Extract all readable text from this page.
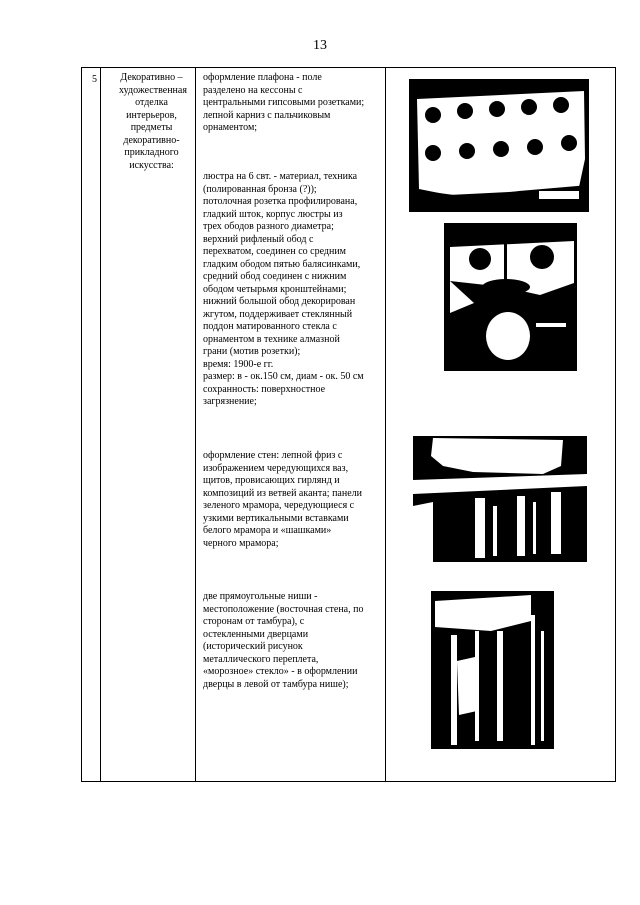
13
5 Декоративно – художественная отделка интерьеров, предметы декоративно-прикладного искусства:

оформление плафона - поле

разделено на кессоны с

центральными гипсовыми розетками;

лепной карниз с пальчиковым

орнаментом;

люстра на 6 свт. - материал, техника

(полированная бронза (?));

потолочная розетка профилирована,

гладкий шток, корпус люстры из

трех ободов разного диаметра;

верхний рифленый обод с

перехватом, соединен со средним

гладким ободом пятью балясинками,

средний обод соединен с нижним

ободом четырьмя кронштейнами;

нижний большой обод декорирован

жгутом, поддерживает стеклянный

поддон матированного стекла с

орнаментом в технике алмазной

грани (мотив розетки);

время: 1900-е гг.

размер: в - ок.150 см, диам - ок. 50 см

сохранность: поверхностное

загрязнение;

оформление стен: лепной фриз с

изображением чередующихся ваз,

щитов, провисающих гирлянд и

композиций из ветвей аканта; панели

зеленого мрамора, чередующиеся с

узкими вертикальными вставками

белого мрамора и «шашками»

черного мрамора;

две прямоугольные ниши -

местоположение (восточная стена, по

сторонам от тамбура), с

остекленными дверцами

(исторический рисунок

металлического переплета,

«морозное» стекло» - в оформлении

дверцы в левой от тамбура нише);
